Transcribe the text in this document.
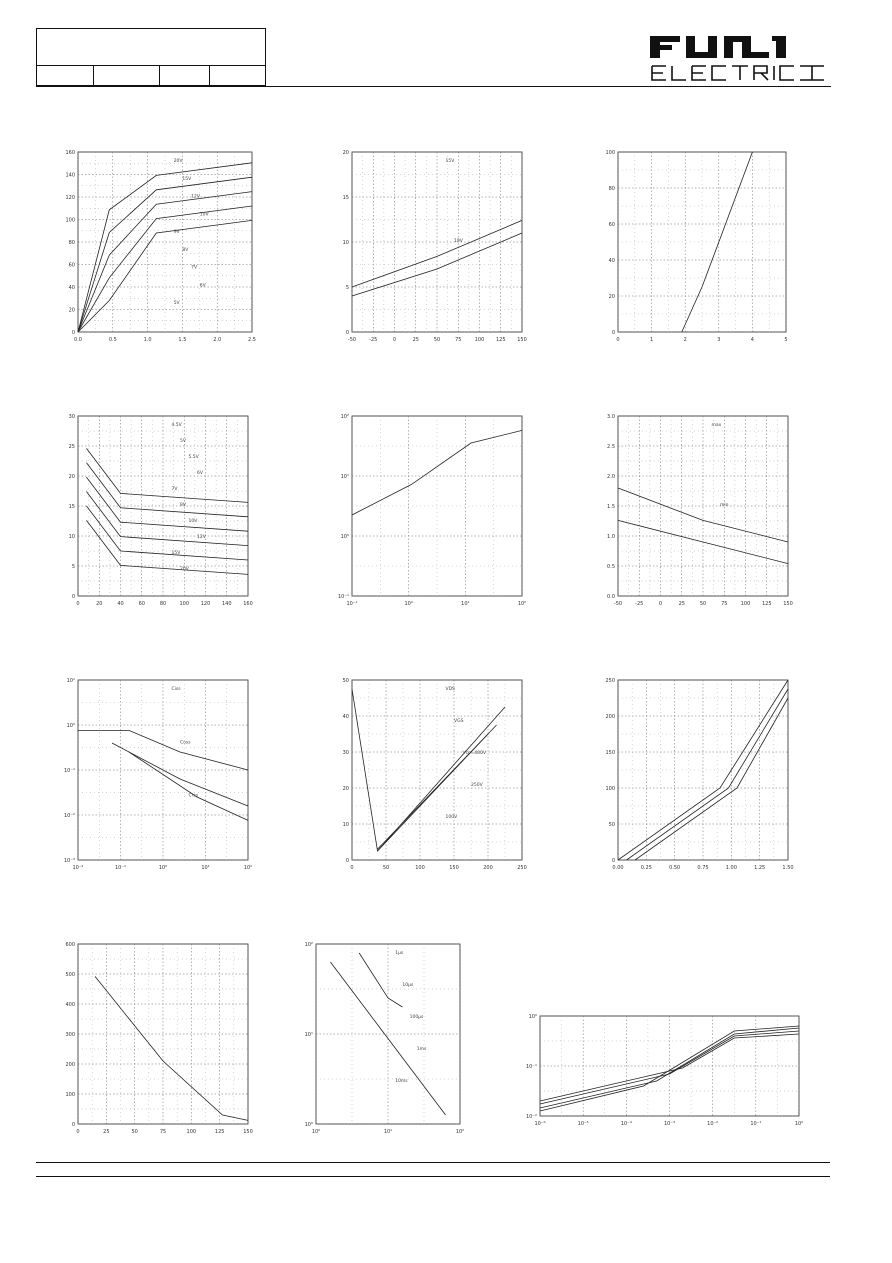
0.0	0.5	1.0	1.5	2.0	2.5
0
20
40
60
80
100
120
140
160
20V
15V
12V
10V
9V
8V
7V
6V
5V
-50	-25	0	25	50	75	100 125 150
0
5
10
15
20
15V
10V
0	1	2	3	4	5
0
20
40
60
80
100
0	20	40	60	80	100 120 140 160
0
5
10
15
20
25
30
4.5V
5V
5.5V
6V
7V
8V
10V
12V
15V
20V
10⁻¹	10⁰	10¹	10²
10⁻¹
10⁰
10¹
10²
-50	-25	0	25	50	75	100 125 150
0.0
0.5
1.0
1.5
2.0
2.5
3.0
max
min
10⁻²	10⁻¹	10⁰	10¹	10²
10⁻³
10⁻²
10⁻¹
10⁰
10¹
Ciss
Coss
Crss
0	50	100	150	200	250
0
10
20
30
40
50
VDS
VGS
Vcc=400V
250V
100V
0.00	0.25	0.50	0.75	1.00	1.25	1.50
0
50
100
150
200
250
0	25	50	75	100	125	150
0
100
200
300
400
500
600
10⁰	10¹	10²
10⁰
10¹
10²
1μs
10μs
100μs
1ms
10ms
10⁻⁶	10⁻⁵	10⁻⁴	10⁻³	10⁻²	10⁻¹	10⁰
10⁻²
10⁻¹
10⁰
